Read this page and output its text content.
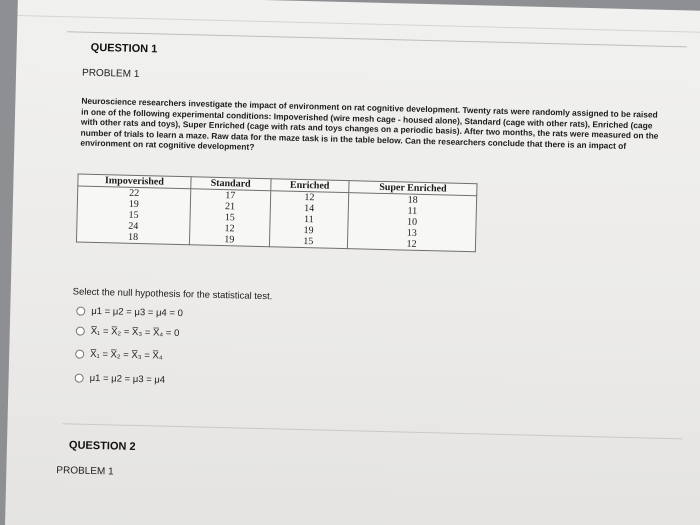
QUESTION 1
PROBLEM 1
Neuroscience researchers investigate the impact of environment on rat cognitive development. Twenty rats were randomly assigned to be raised in one of the following experimental conditions: Impoverished (wire mesh cage - housed alone), Standard (cage with other rats), Enriched (cage with other rats and toys), Super Enriched (cage with rats and toys changes on a periodic basis). After two months, the rats were measured on the number of trials to learn a maze. Raw data for the maze task is in the table below. Can the researchers conclude that there is an impact of environment on rat cognitive development?
Impoverished	Standard	Enriched	Super Enriched
22	17	12	18
19	21	14	11
15	15	11	10
24	12	19	13
18	19	15	12
Select the null hypothesis for the statistical test.
μ1 = μ2 = μ3 = μ4 = 0
X̅₁ = X̅₂ = X̅₃ = X̅₄ = 0
X̅₁ = X̅₂ = X̅₃ = X̅₄
μ1 = μ2 = μ3 = μ4
QUESTION 2
PROBLEM 1
